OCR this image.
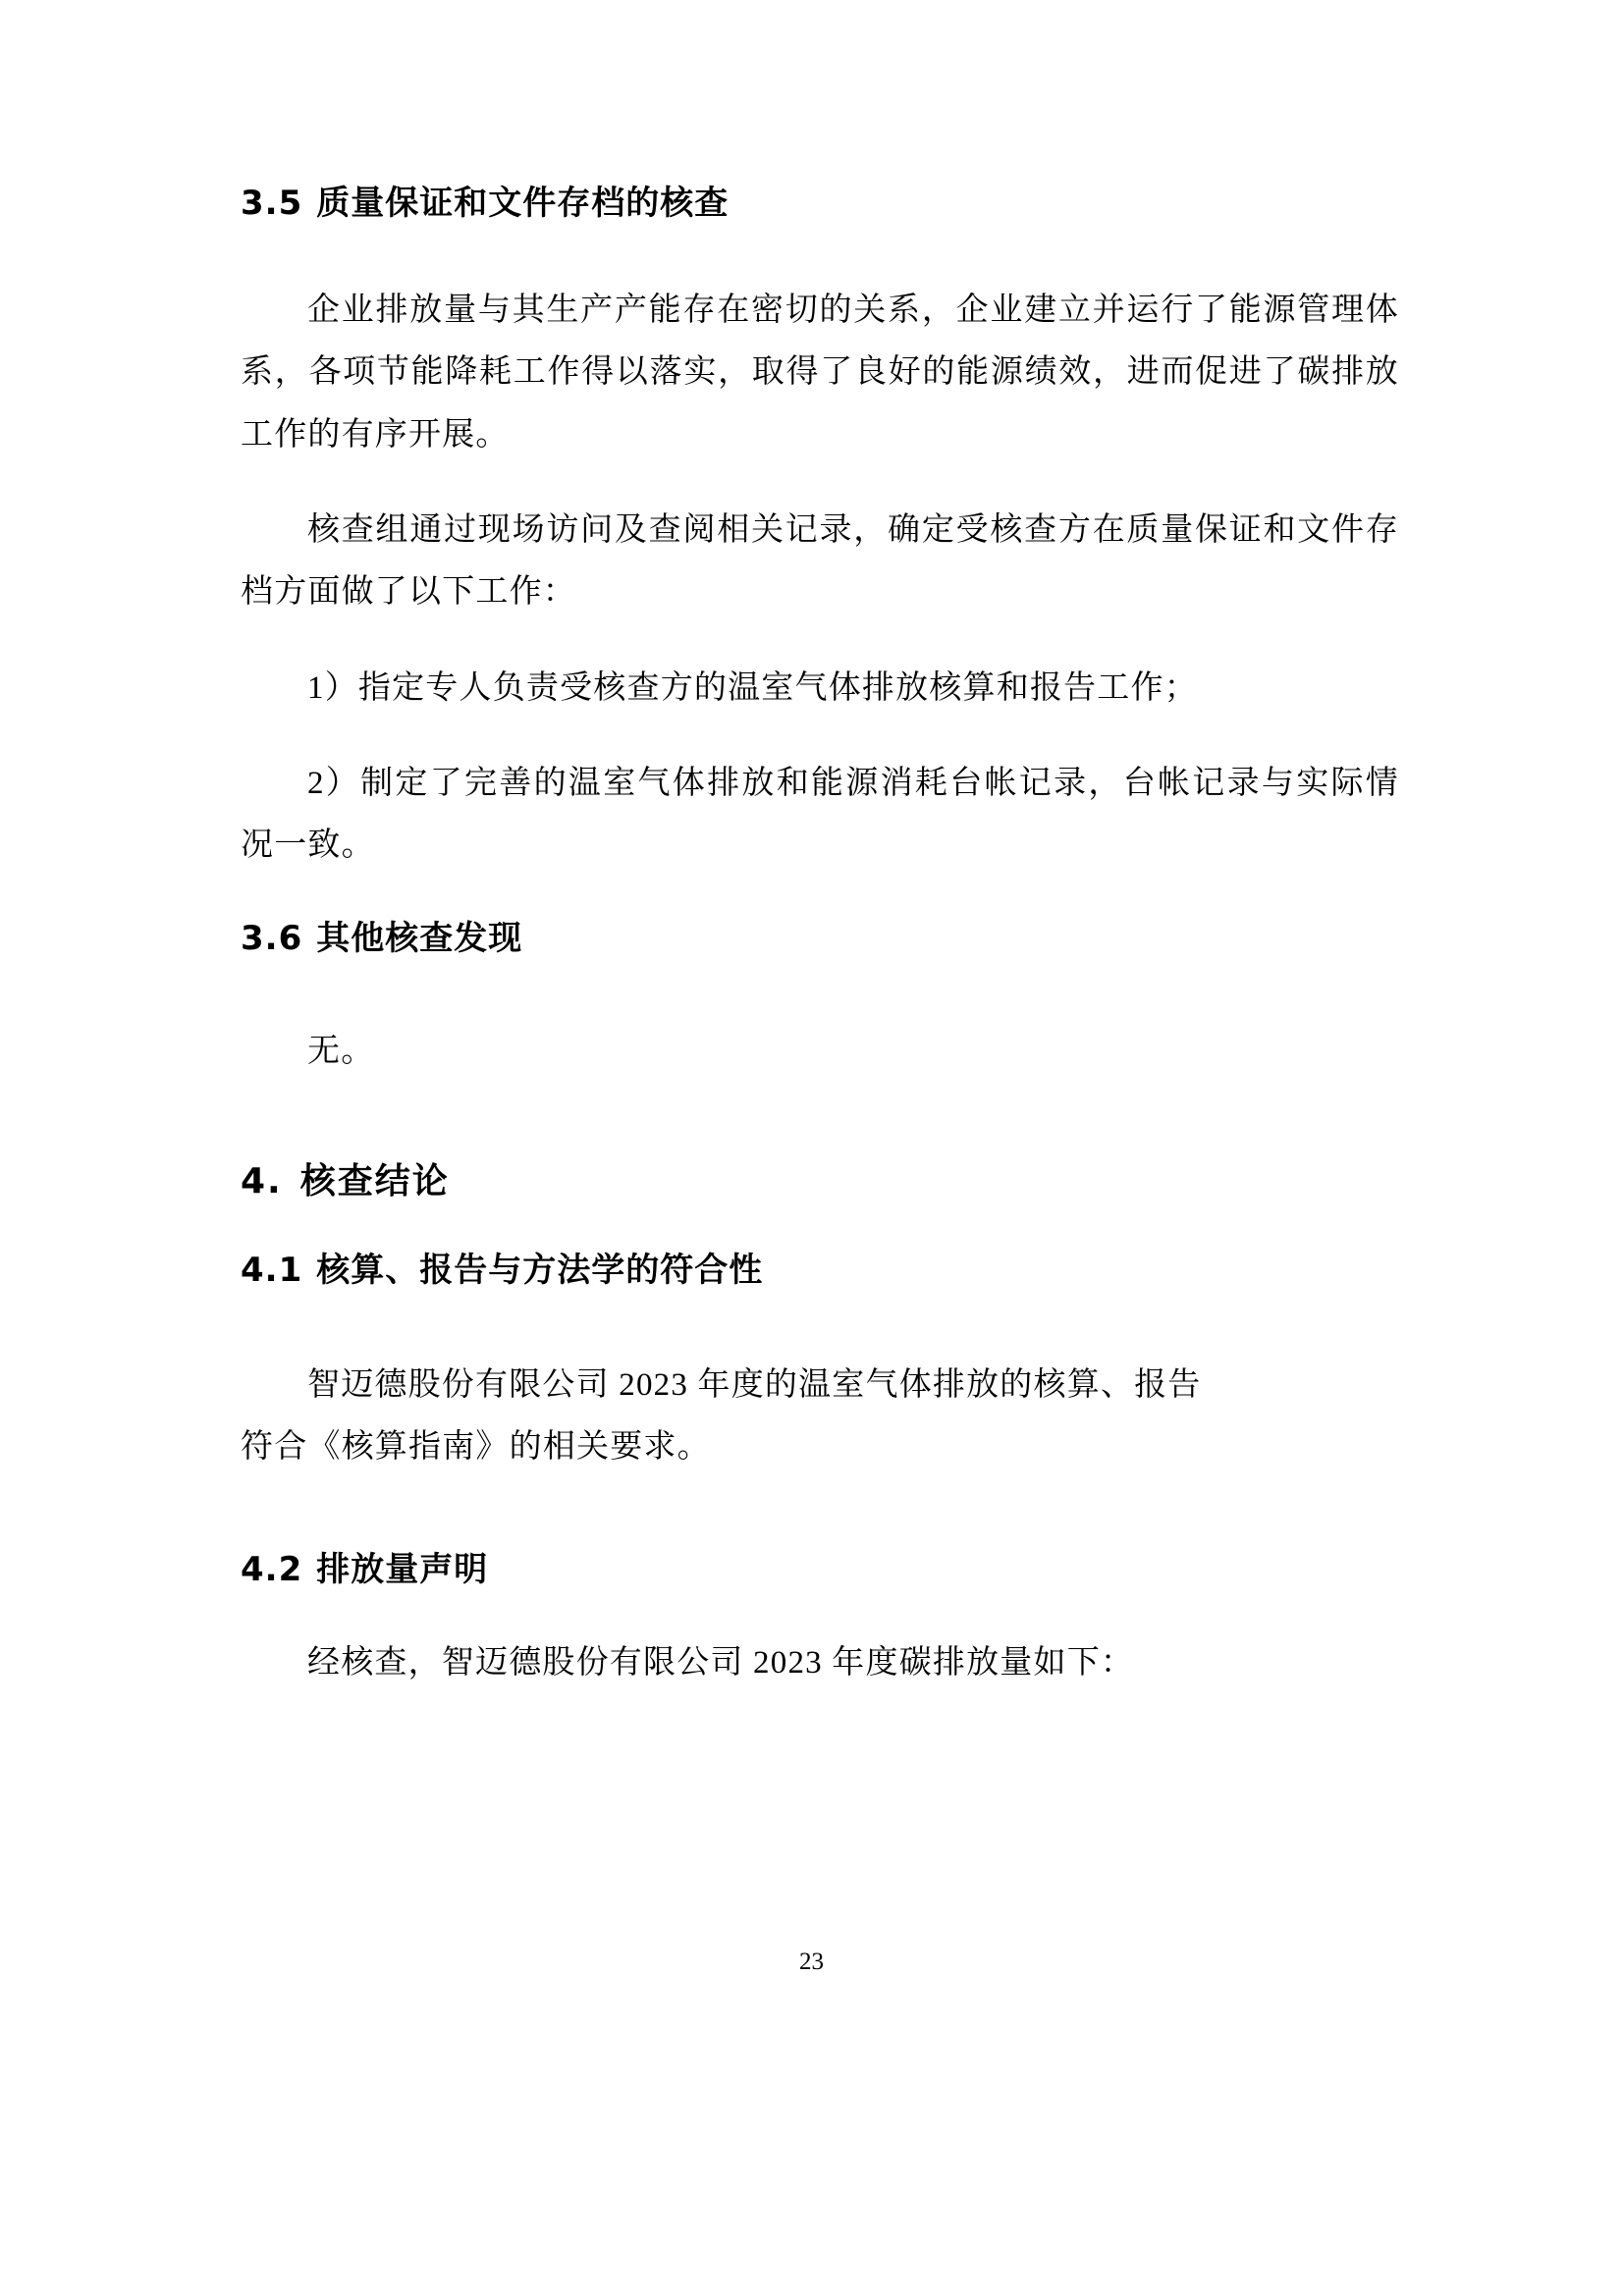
3.5 质量保证和文件存档的核查

企业排放量与其生产产能存在密切的关系，企业建立并运行了能源管理体系，各项节能降耗工作得以落实，取得了良好的能源绩效，进而促进了碳排放工作的有序开展。

核查组通过现场访问及查阅相关记录，确定受核查方在质量保证和文件存档方面做了以下工作：

1）指定专人负责受核查方的温室气体排放核算和报告工作；

2）制定了完善的温室气体排放和能源消耗台帐记录，台帐记录与实际情况一致。

3.6 其他核查发现

无。

4. 核查结论
4.1 核算、报告与方法学的符合性

智迈德股份有限公司 2023 年度的温室气体排放的核算、报告

符合《核算指南》的相关要求。

4.2 排放量声明

经核查，智迈德股份有限公司 2023 年度碳排放量如下：

23
